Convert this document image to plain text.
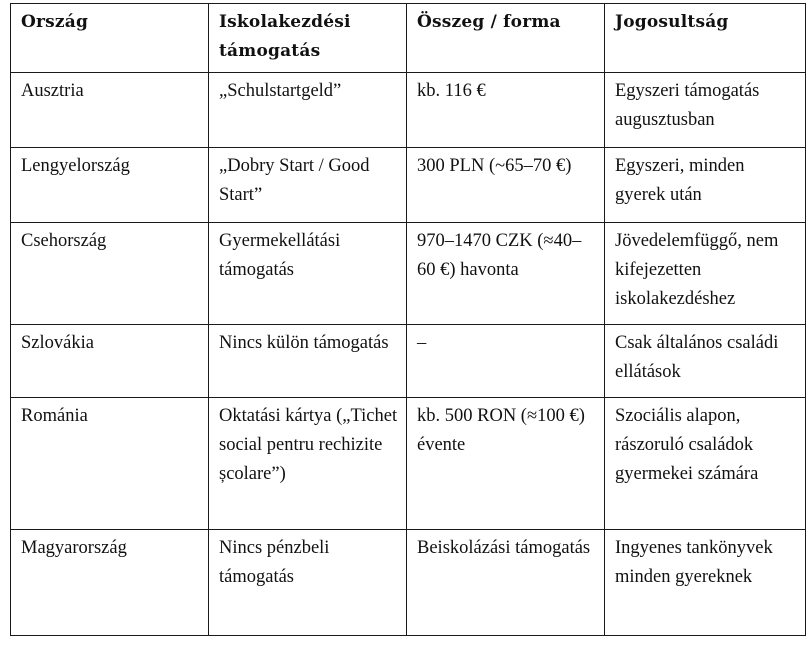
Ország	Iskolakezdési támogatás	Összeg / forma	Jogosultság
Ausztria	„Schulstartgeld”	kb. 116 €	Egyszeri támogatás augusztusban
Lengyelország	„Dobry Start / Good Start”	300 PLN (~65–70 €)	Egyszeri, minden gyerek után
Csehország	Gyermekellátási támogatás	970–1470 CZK (≈40–60 €) havonta	Jövedelemfüggő, nem kifejezetten iskolakezdéshez
Szlovákia	Nincs külön támogatás	–	Csak általános családi ellátások
Románia	Oktatási kártya („Tichet social pentru rechizite școlare”)	kb. 500 RON (≈100 €) évente	Szociális alapon, rászoruló családok gyermekei számára
Magyarország	Nincs pénzbeli támogatás	Beiskolázási támogatás	Ingyenes tankönyvek minden gyereknek
